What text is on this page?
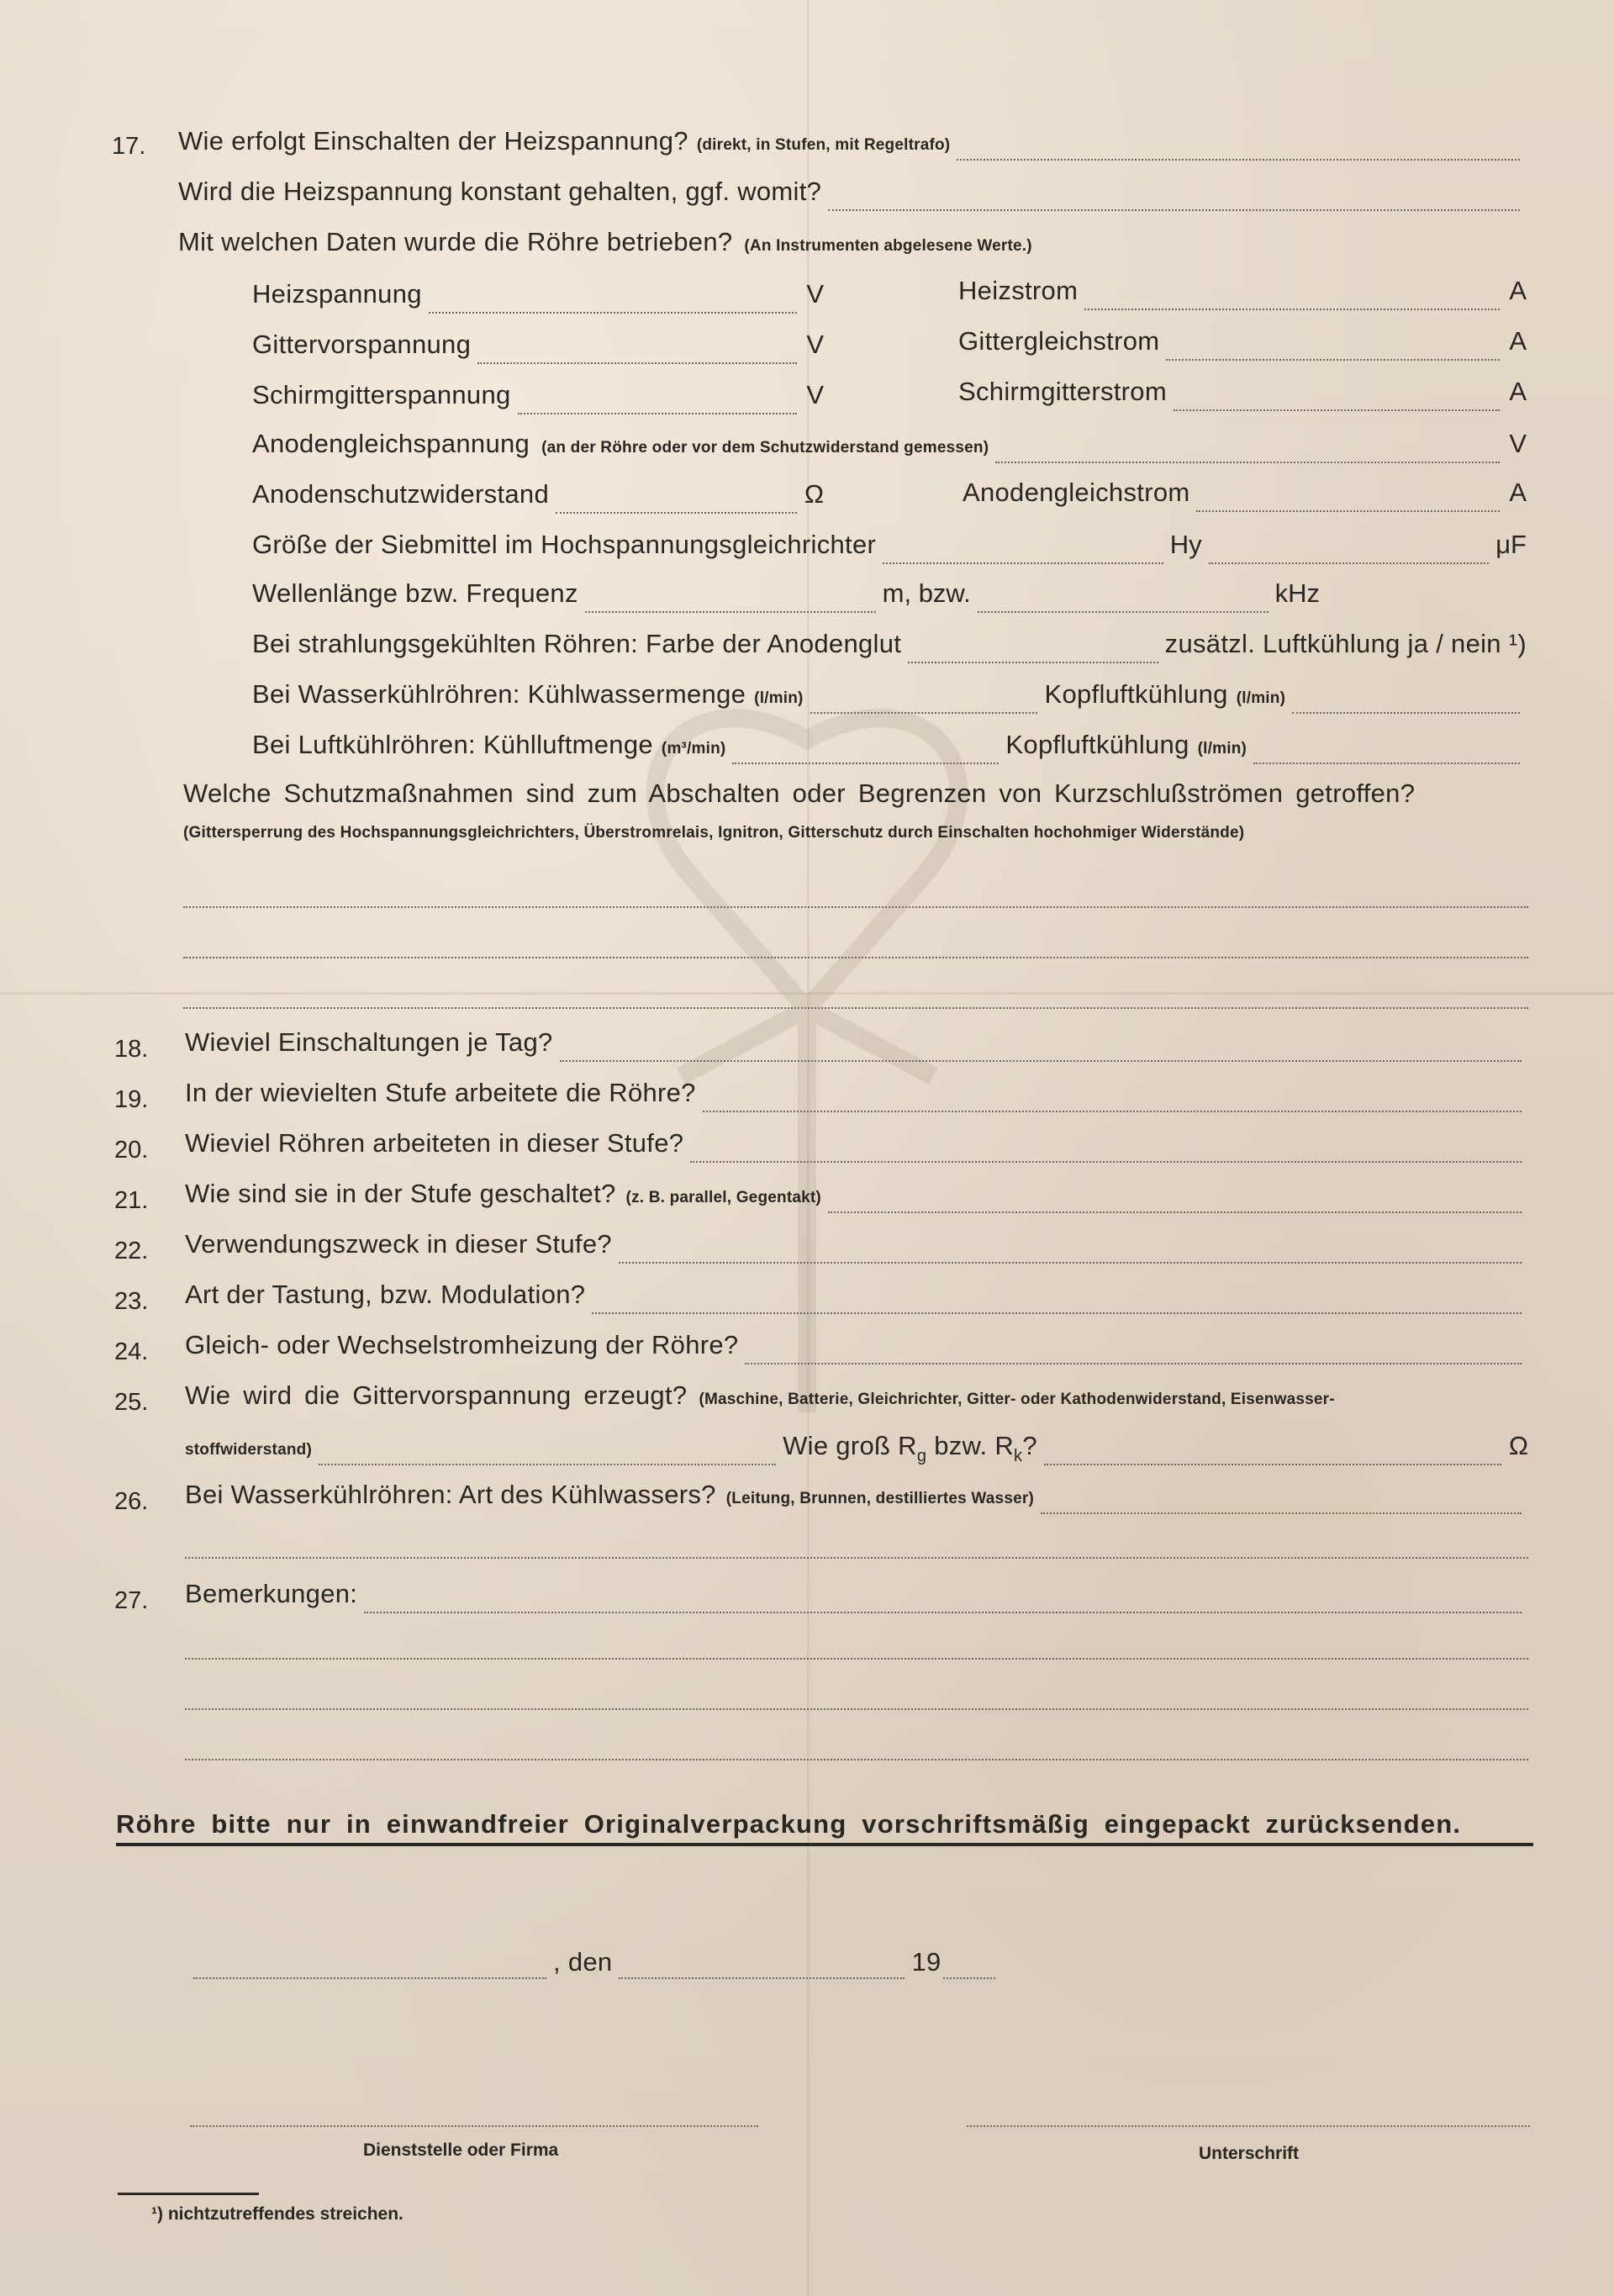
17.	Wie erfolgt Einschalten der Heizspannung? (direkt, in Stufen, mit Regeltrafo)
Wird die Heizspannung konstant gehalten, ggf. womit?
Mit welchen Daten wurde die Röhre betrieben? (An Instrumenten abgelesene Werte.)
Heizspannung	V	Heizstrom	A
Gittervorspannung	V	Gittergleichstrom	A
Schirmgitterspannung	V	Schirmgitterstrom	A
Anodengleichspannung (an der Röhre oder vor dem Schutzwiderstand gemessen)	V
Anodenschutzwiderstand	Ω	Anodengleichstrom	A
Größe der Siebmittel im Hochspannungsgleichrichter	Hy	μF
Wellenlänge bzw. Frequenz	m, bzw.	kHz
Bei strahlungsgekühlten Röhren: Farbe der Anodenglut	zusätzl. Luftkühlung ja / nein ¹)
Bei Wasserkühlröhren: Kühlwassermenge (l/min)	Kopfluftkühlung (l/min)
Bei Luftkühlröhren: Kühlluftmenge (m³/min)	Kopfluftkühlung (l/min)
Welche Schutzmaßnahmen sind zum Abschalten oder Begrenzen von Kurzschlußströmen getroffen?
(Gittersperrung des Hochspannungsgleichrichters, Überstromrelais, Ignitron, Gitterschutz durch Einschalten hochohmiger Widerstände)
18.	Wieviel Einschaltungen je Tag?
19.	In der wievielten Stufe arbeitete die Röhre?
20.	Wieviel Röhren arbeiteten in dieser Stufe?
21.	Wie sind sie in der Stufe geschaltet? (z. B. parallel, Gegentakt)
22.	Verwendungszweck in dieser Stufe?
23.	Art der Tastung, bzw. Modulation?
24.	Gleich- oder Wechselstromheizung der Röhre?
25.	Wie wird die Gittervorspannung erzeugt? (Maschine, Batterie, Gleichrichter, Gitter- oder Kathodenwiderstand, Eisenwasser-
stoffwiderstand)	Wie groß $R_g$ bzw. $R_k$?	Ω
26.	Bei Wasserkühlröhren: Art des Kühlwassers? (Leitung, Brunnen, destilliertes Wasser)
27.	Bemerkungen:
Röhre bitte nur in einwandfreier Originalverpackung vorschriftsmäßig eingepackt zurücksenden.
, den	19
Dienststelle oder Firma	Unterschrift
¹) nichtzutreffendes streichen.
